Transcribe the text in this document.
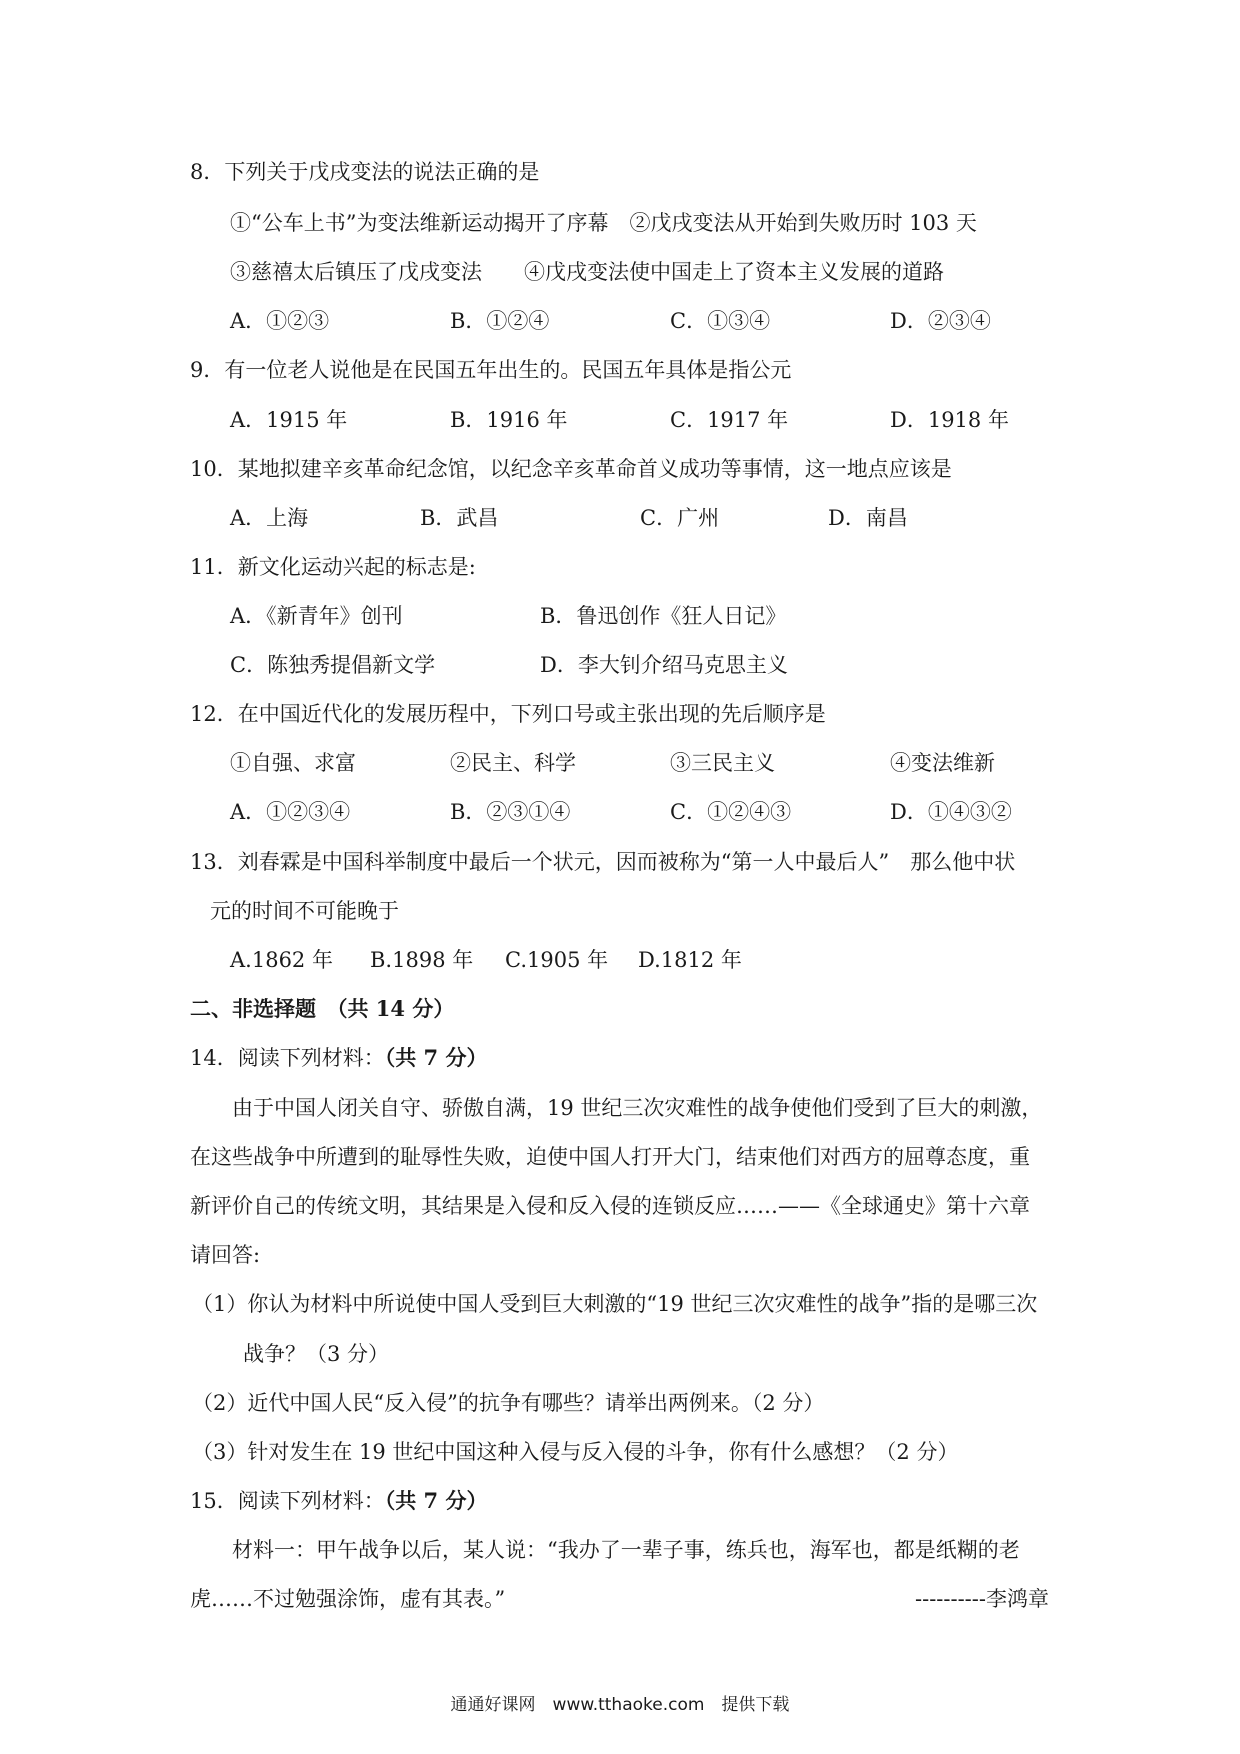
8．下列关于戊戌变法的说法正确的是
①“公车上书”为变法维新运动揭开了序幕　②戊戌变法从开始到失败历时 103 天
③慈禧太后镇压了戊戌变法　　④戊戌变法使中国走上了资本主义发展的道路
A．①②③	B．①②④	C．①③④	D．②③④
9．有一位老人说他是在民国五年出生的。民国五年具体是指公元
A．1915 年	B．1916 年	C．1917 年	D．1918 年
10．某地拟建辛亥革命纪念馆，以纪念辛亥革命首义成功等事情，这一地点应该是
A．上海	B．武昌	C．广州	D．南昌
11．新文化运动兴起的标志是:
A．《新青年》创刊	B．鲁迅创作《狂人日记》
C．陈独秀提倡新文学	D．李大钊介绍马克思主义
12．在中国近代化的发展历程中，下列口号或主张出现的先后顺序是
①自强、求富	②民主、科学	③三民主义	④变法维新
A．①②③④	B．②③①④	C．①②④③	D．①④③②
13．刘春霖是中国科举制度中最后一个状元，因而被称为“第一人中最后人”　那么他中状
元的时间不可能晚于
A.1862 年 B.1898 年 C.1905 年 D.1812 年
二、非选择题　（共 14 分）
14．阅读下列材料：（共 7 分）
由于中国人闭关自守、骄傲自满，19 世纪三次灾难性的战争使他们受到了巨大的刺激，
在这些战争中所遭到的耻辱性失败，迫使中国人打开大门，结束他们对西方的屈尊态度，重
新评价自己的传统文明，其结果是入侵和反入侵的连锁反应……——《全球通史》第十六章
请回答:
（1）你认为材料中所说使中国人受到巨大刺激的“19 世纪三次灾难性的战争”指的是哪三次
战争？（3 分）
（2）近代中国人民“反入侵”的抗争有哪些？请举出两例来。（2 分）
（3）针对发生在 19 世纪中国这种入侵与反入侵的斗争，你有什么感想？（2 分）
15．阅读下列材料：（共 7 分）
材料一：甲午战争以后，某人说：“我办了一辈子事，练兵也，海军也，都是纸糊的老
虎……不过勉强涂饰，虚有其表。”	----------李鸿章
通通好课网　www.tthaoke.com　提供下载
